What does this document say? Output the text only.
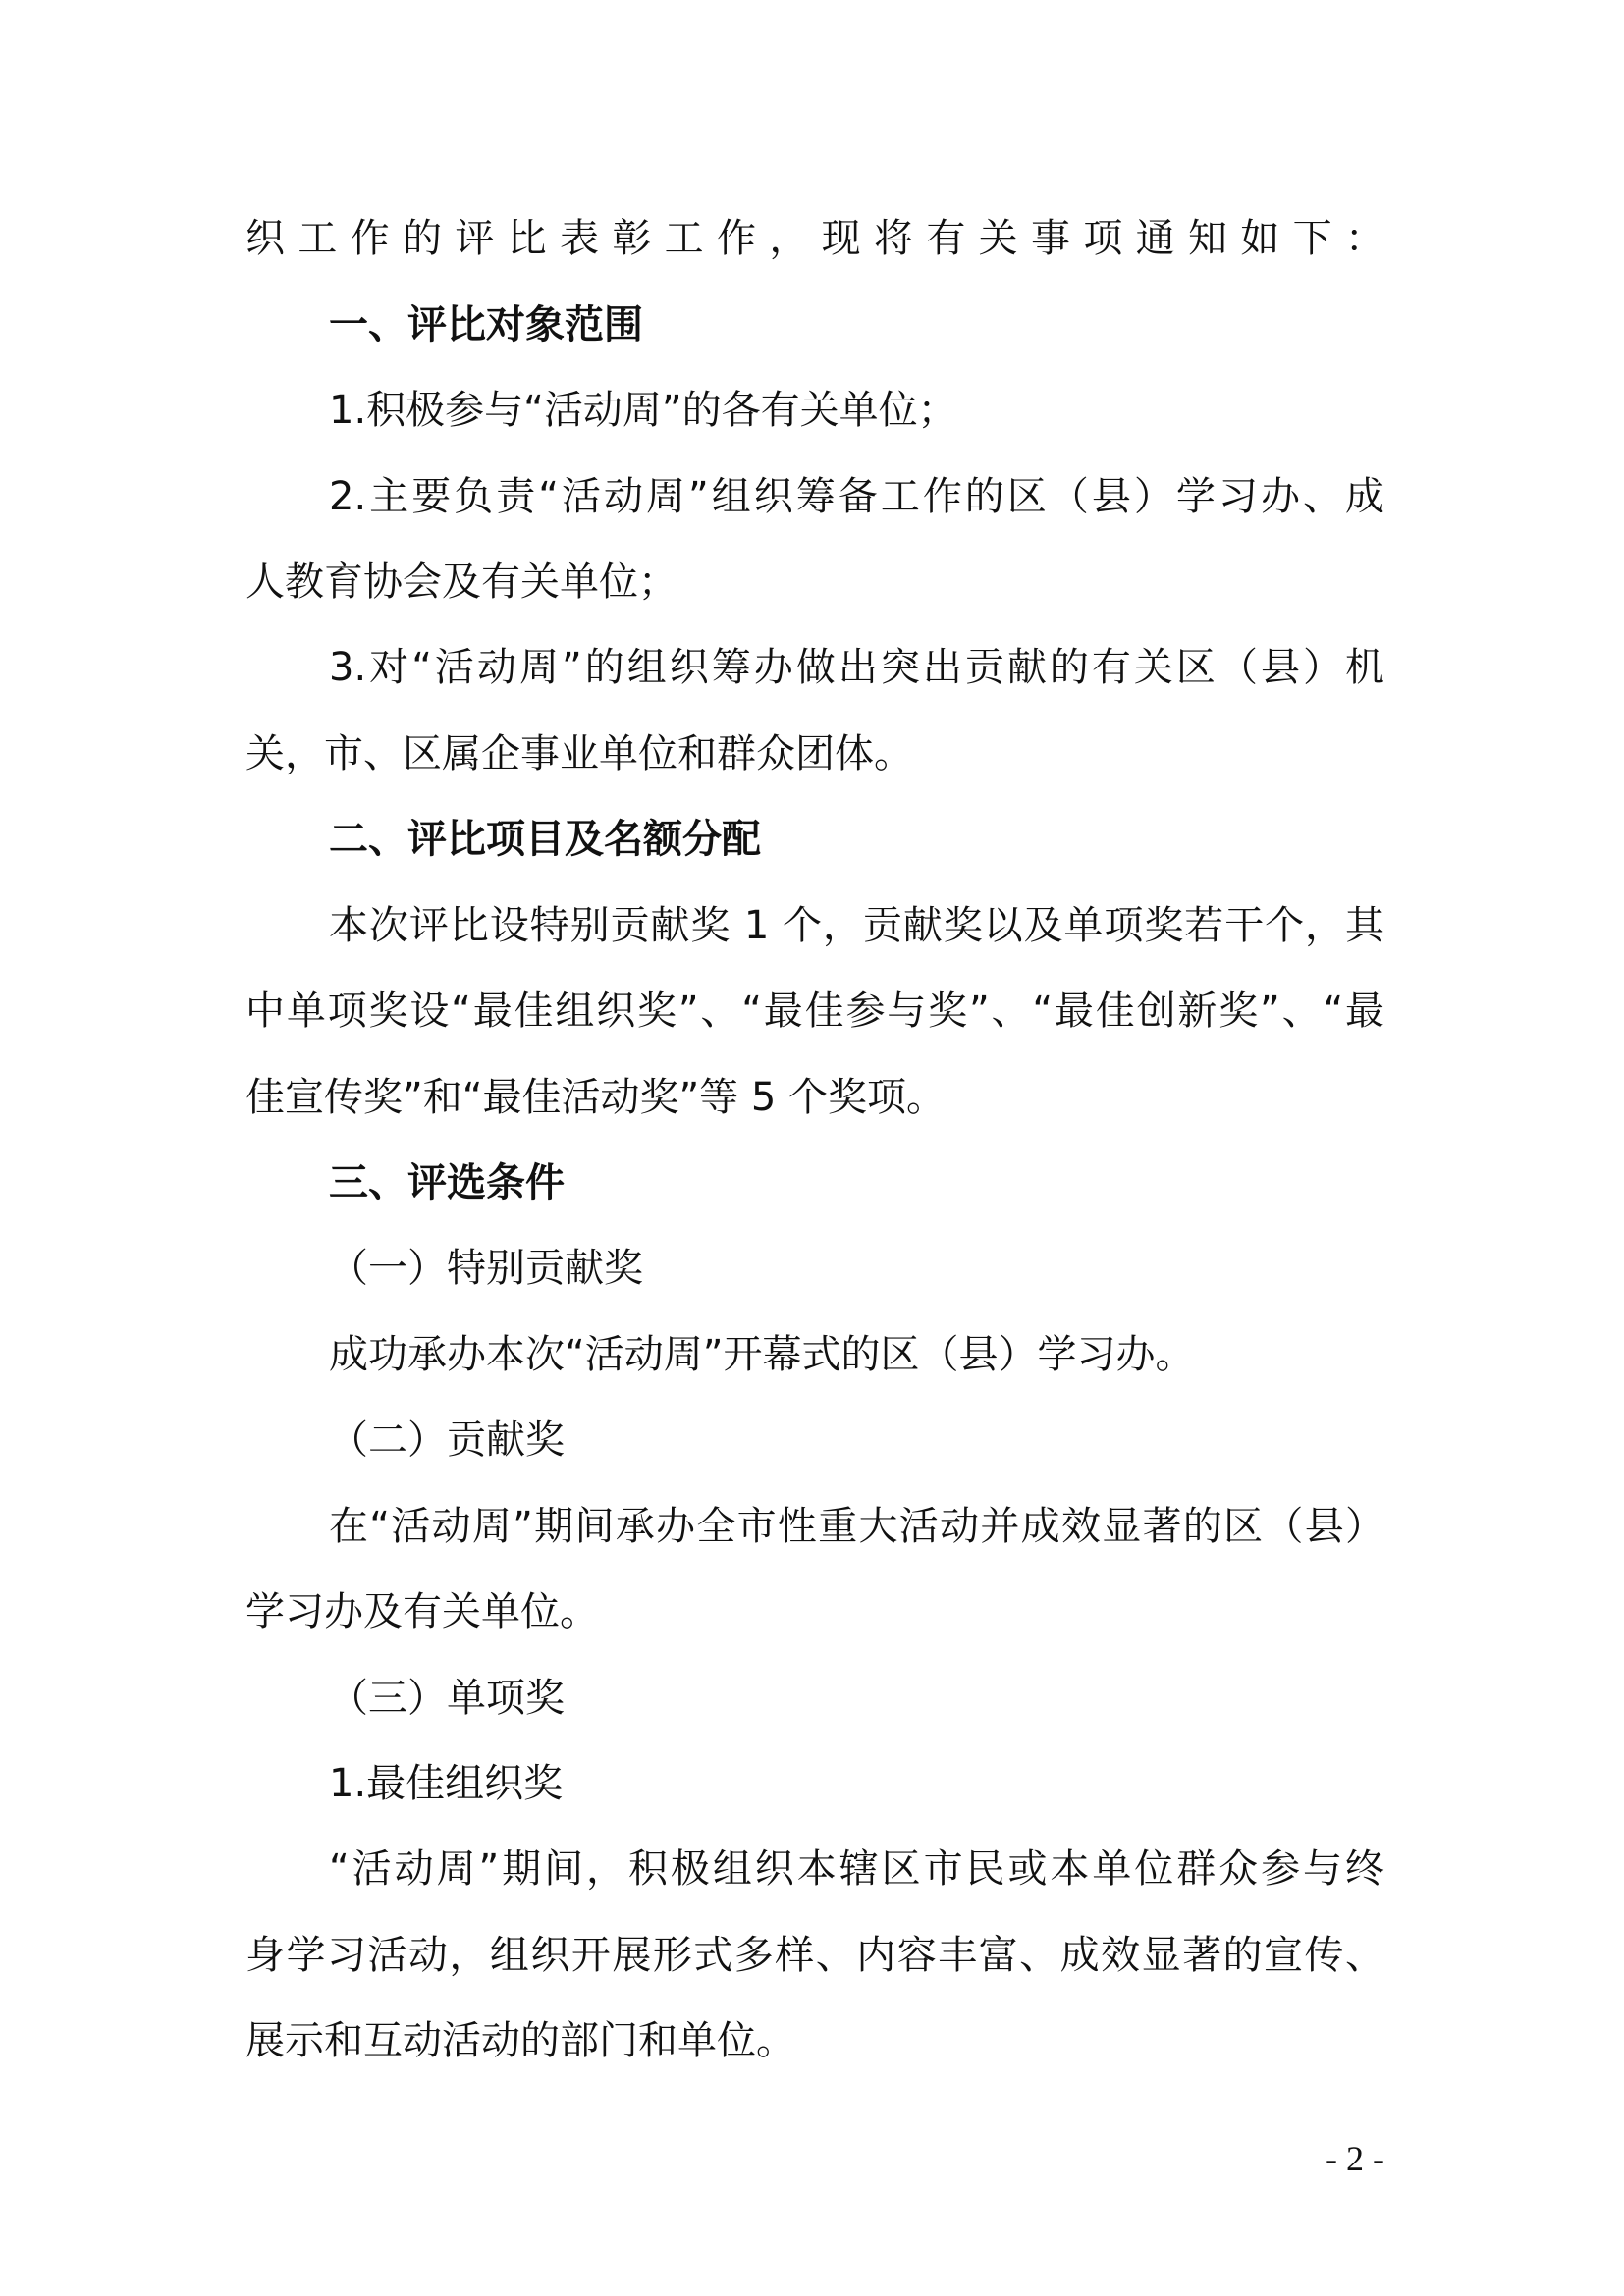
织工作的评比表彰工作，现将有关事项通知如下：
一、评比对象范围
1.积极参与“活动周”的各有关单位；
2.主要负责“活动周”组织筹备工作的区（县）学习办、成
人教育协会及有关单位；
3.对“活动周”的组织筹办做出突出贡献的有关区（县）机
关，市、区属企事业单位和群众团体。
二、评比项目及名额分配
本次评比设特别贡献奖 1 个，贡献奖以及单项奖若干个，其
中单项奖设“最佳组织奖”、“最佳参与奖”、“最佳创新奖”、“最
佳宣传奖”和“最佳活动奖”等 5 个奖项。
三、评选条件
（一）特别贡献奖
成功承办本次“活动周”开幕式的区（县）学习办。
（二）贡献奖
在“活动周”期间承办全市性重大活动并成效显著的区（县）
学习办及有关单位。
（三）单项奖
1.最佳组织奖
“活动周”期间，积极组织本辖区市民或本单位群众参与终
身学习活动，组织开展形式多样、内容丰富、成效显著的宣传、
展示和互动活动的部门和单位。
- 2 -
